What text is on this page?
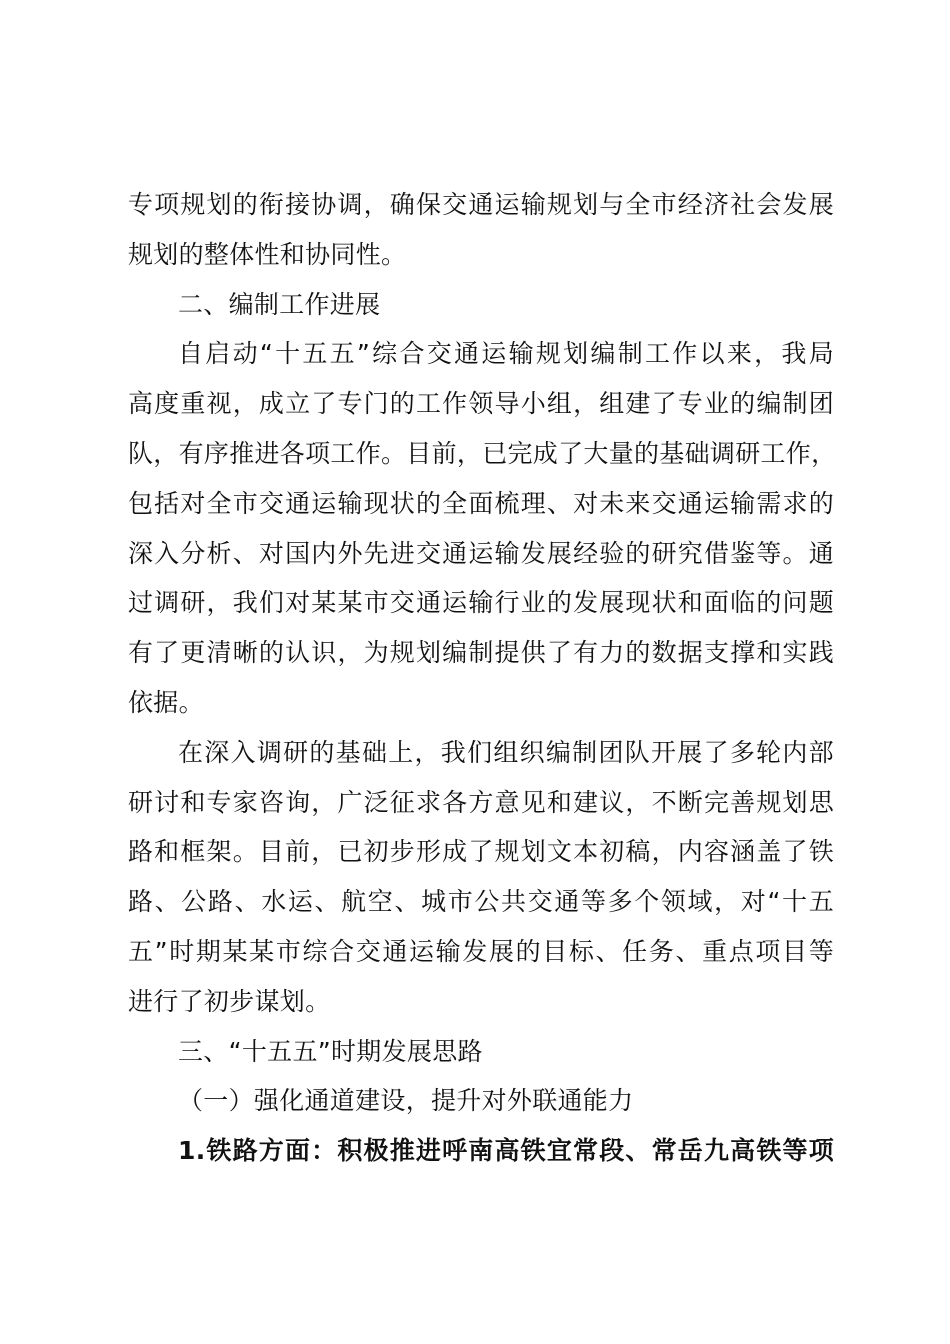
专项规划的衔接协调，确保交通运输规划与全市经济社会发展
规划的整体性和协同性。
二、编制工作进展
自启动“十五五”综合交通运输规划编制工作以来，我局
高度重视，成立了专门的工作领导小组，组建了专业的编制团
队，有序推进各项工作。目前，已完成了大量的基础调研工作，
包括对全市交通运输现状的全面梳理、对未来交通运输需求的
深入分析、对国内外先进交通运输发展经验的研究借鉴等。通
过调研，我们对某某市交通运输行业的发展现状和面临的问题
有了更清晰的认识，为规划编制提供了有力的数据支撑和实践
依据。
在深入调研的基础上，我们组织编制团队开展了多轮内部
研讨和专家咨询，广泛征求各方意见和建议，不断完善规划思
路和框架。目前，已初步形成了规划文本初稿，内容涵盖了铁
路、公路、水运、航空、城市公共交通等多个领域，对“十五
五”时期某某市综合交通运输发展的目标、任务、重点项目等
进行了初步谋划。
三、“十五五”时期发展思路
（一）强化通道建设，提升对外联通能力
1.铁路方面：积极推进呼南高铁宜常段、常岳九高铁等项
